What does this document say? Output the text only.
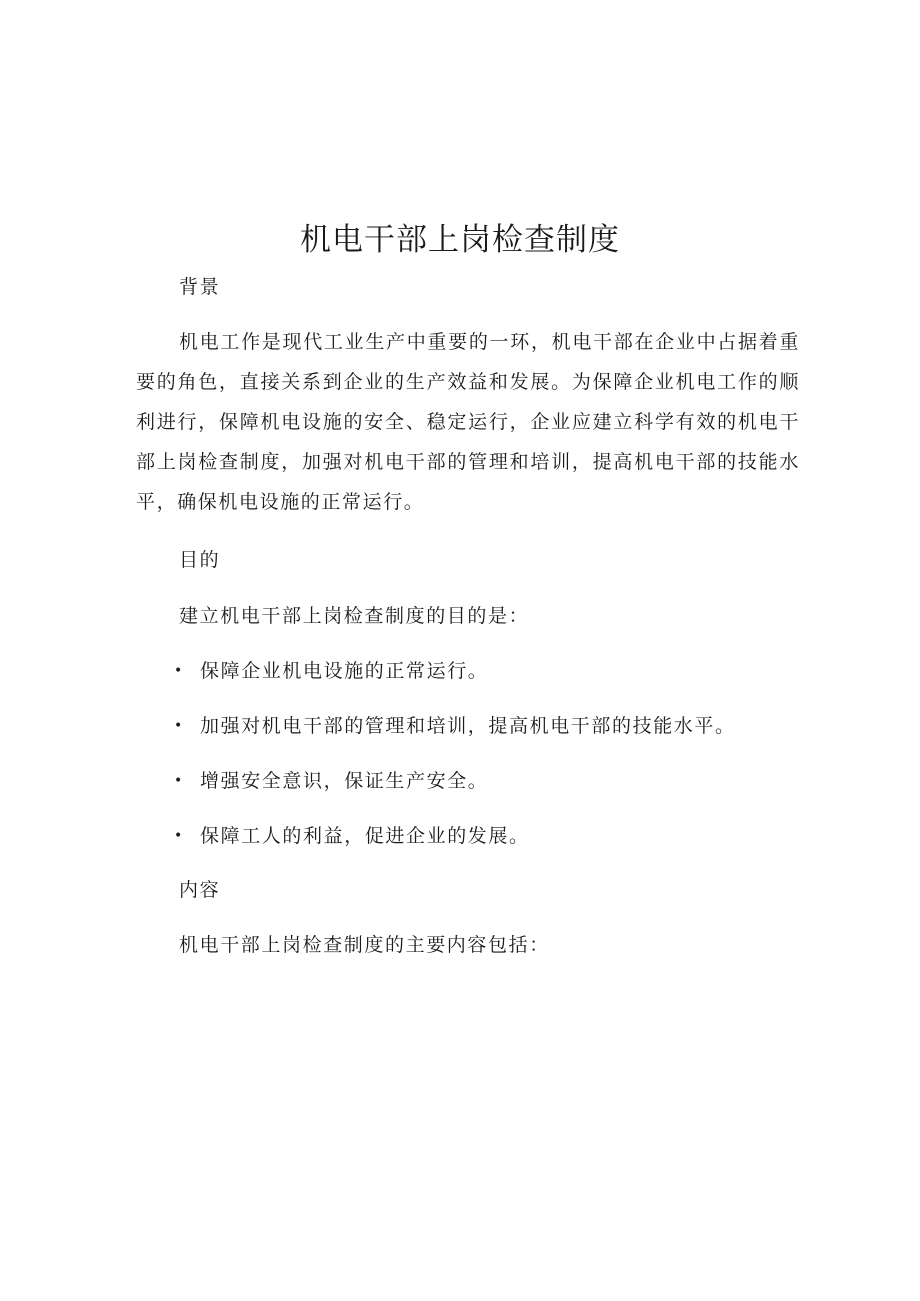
机电干部上岗检查制度

背景

机电工作是现代工业生产中重要的一环，机电干部在企业中占据着重要的角色，直接关系到企业的生产效益和发展。为保障企业机电工作的顺利进行，保障机电设施的安全、稳定运行，企业应建立科学有效的机电干部上岗检查制度，加强对机电干部的管理和培训，提高机电干部的技能水平，确保机电设施的正常运行。

目的

建立机电干部上岗检查制度的目的是：

• 保障企业机电设施的正常运行。
• 加强对机电干部的管理和培训，提高机电干部的技能水平。
• 增强安全意识，保证生产安全。
• 保障工人的利益，促进企业的发展。

内容

机电干部上岗检查制度的主要内容包括：
